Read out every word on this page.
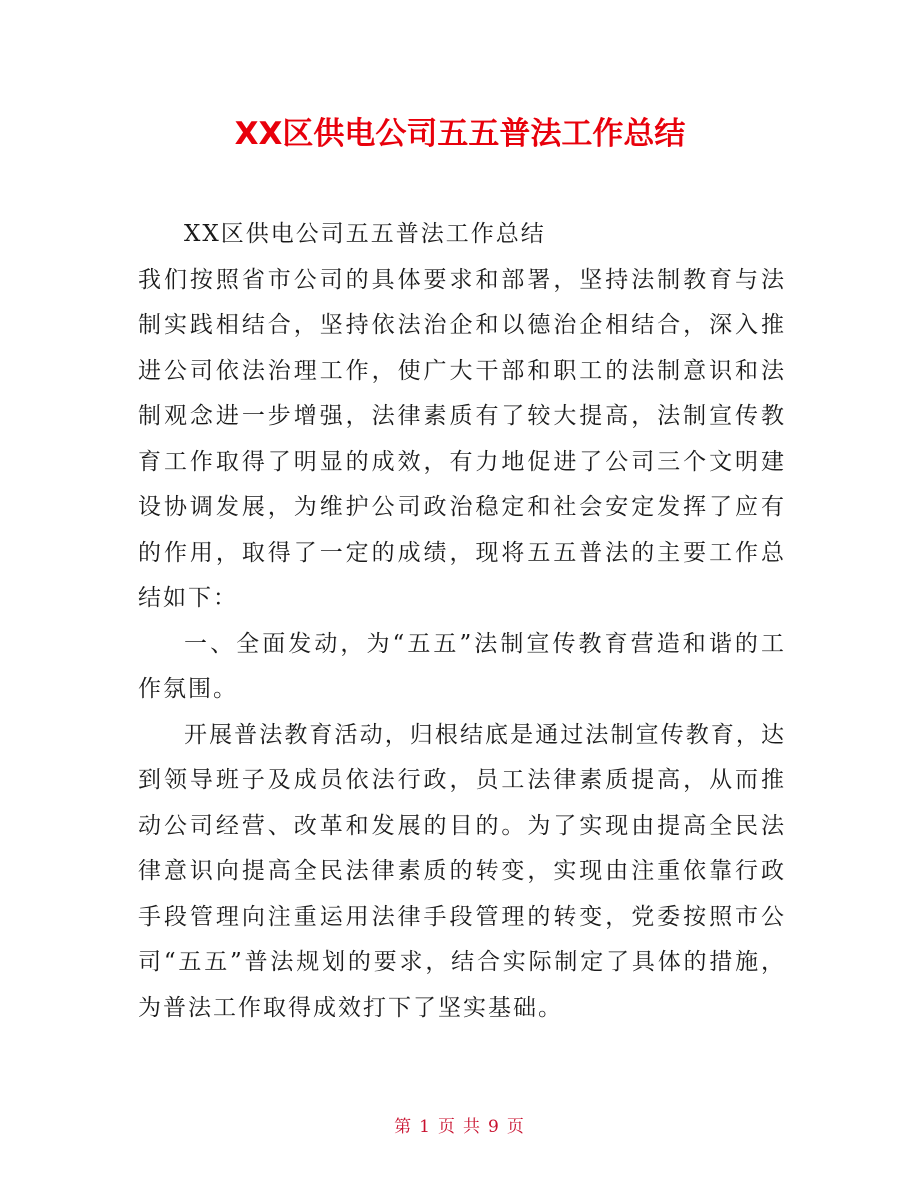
XX区供电公司五五普法工作总结

XX区供电公司五五普法工作总结

我们按照省市公司的具体要求和部署，坚持法制教育与法制实践相结合，坚持依法治企和以德治企相结合，深入推进公司依法治理工作，使广大干部和职工的法制意识和法制观念进一步增强，法律素质有了较大提高，法制宣传教育工作取得了明显的成效，有力地促进了公司三个文明建设协调发展，为维护公司政治稳定和社会安定发挥了应有的作用，取得了一定的成绩，现将五五普法的主要工作总结如下：

一、全面发动，为“五五”法制宣传教育营造和谐的工作氛围。

开展普法教育活动，归根结底是通过法制宣传教育，达到领导班子及成员依法行政，员工法律素质提高，从而推动公司经营、改革和发展的目的。为了实现由提高全民法律意识向提高全民法律素质的转变，实现由注重依靠行政手段管理向注重运用法律手段管理的转变，党委按照市公司“五五”普法规划的要求，结合实际制定了具体的措施，为普法工作取得成效打下了坚实基础。

第 1 页 共 9 页
